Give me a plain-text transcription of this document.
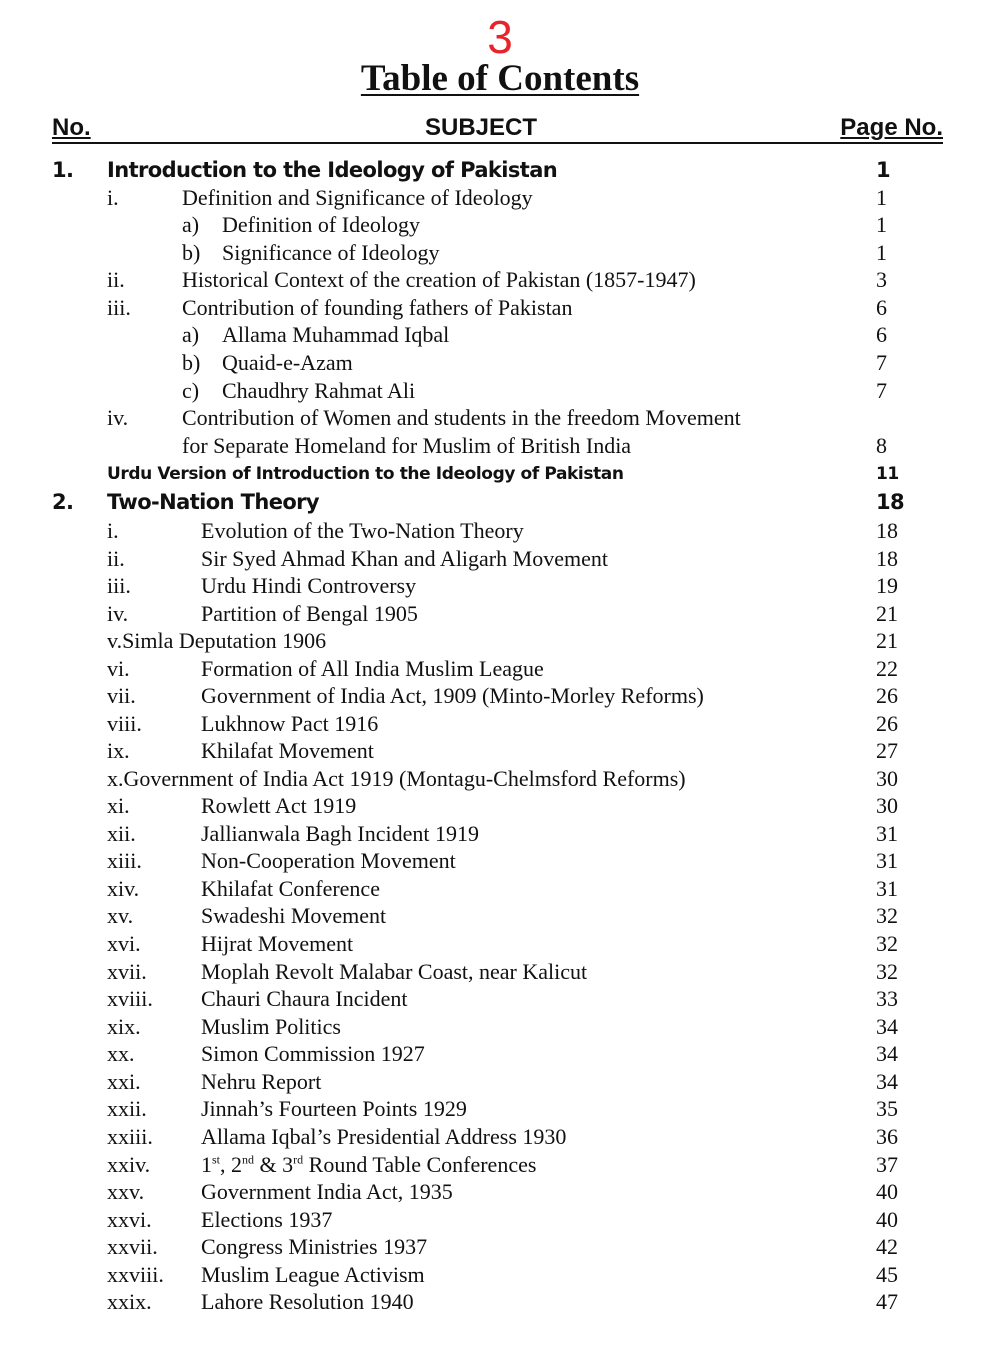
3
Table of Contents
No.	SUBJECT	Page No.
1. Introduction to the Ideology of Pakistan	1
i.	Definition and Significance of Ideology	1
a) Definition of Ideology	1
b) Significance of Ideology	1
ii.	Historical Context of the creation of Pakistan (1857-1947)	3
iii. Contribution of founding fathers of Pakistan	6
a) Allama Muhammad Iqbal	6
b) Quaid-e-Azam	7
c) Chaudhry Rahmat Ali	7
iv. Contribution of Women and students in the freedom Movement
for Separate Homeland for Muslim of British India	8
Urdu Version of Introduction to the Ideology of Pakistan	11
2. Two-Nation Theory	18
i.	Evolution of the Two-Nation Theory	18
ii.	Sir Syed Ahmad Khan and Aligarh Movement	18
iii.	Urdu Hindi Controversy	19
iv.	Partition of Bengal 1905	21
v.Simla Deputation 1906	21
vi.	Formation of All India Muslim League	22
vii.	Government of India Act, 1909 (Minto-Morley Reforms)	26
viii.	Lukhnow Pact 1916	26
ix.	Khilafat Movement	27
x.Government of India Act 1919 (Montagu-Chelmsford Reforms)	30
xi.	Rowlett Act 1919	30
xii.	Jallianwala Bagh Incident 1919	31
xiii.	Non-Cooperation Movement	31
xiv.	Khilafat Conference	31
xv.	Swadeshi Movement	32
xvi.	Hijrat Movement	32
xvii. Moplah Revolt Malabar Coast, near Kalicut	32
xviii. Chauri Chaura Incident	33
xix.	Muslim Politics	34
xx.	Simon Commission 1927	34
xxi.	Nehru Report	34
xxii. Jinnah’s Fourteen Points 1929	35
xxiii. Allama Iqbal’s Presidential Address 1930	36
xxiv. 1st, 2nd & 3rd Round Table Conferences	37
xxv.	Government India Act, 1935	40
xxvi. Elections 1937	40
xxvii. Congress Ministries 1937	42
xxviii. Muslim League Activism	45
xxix. Lahore Resolution 1940	47
